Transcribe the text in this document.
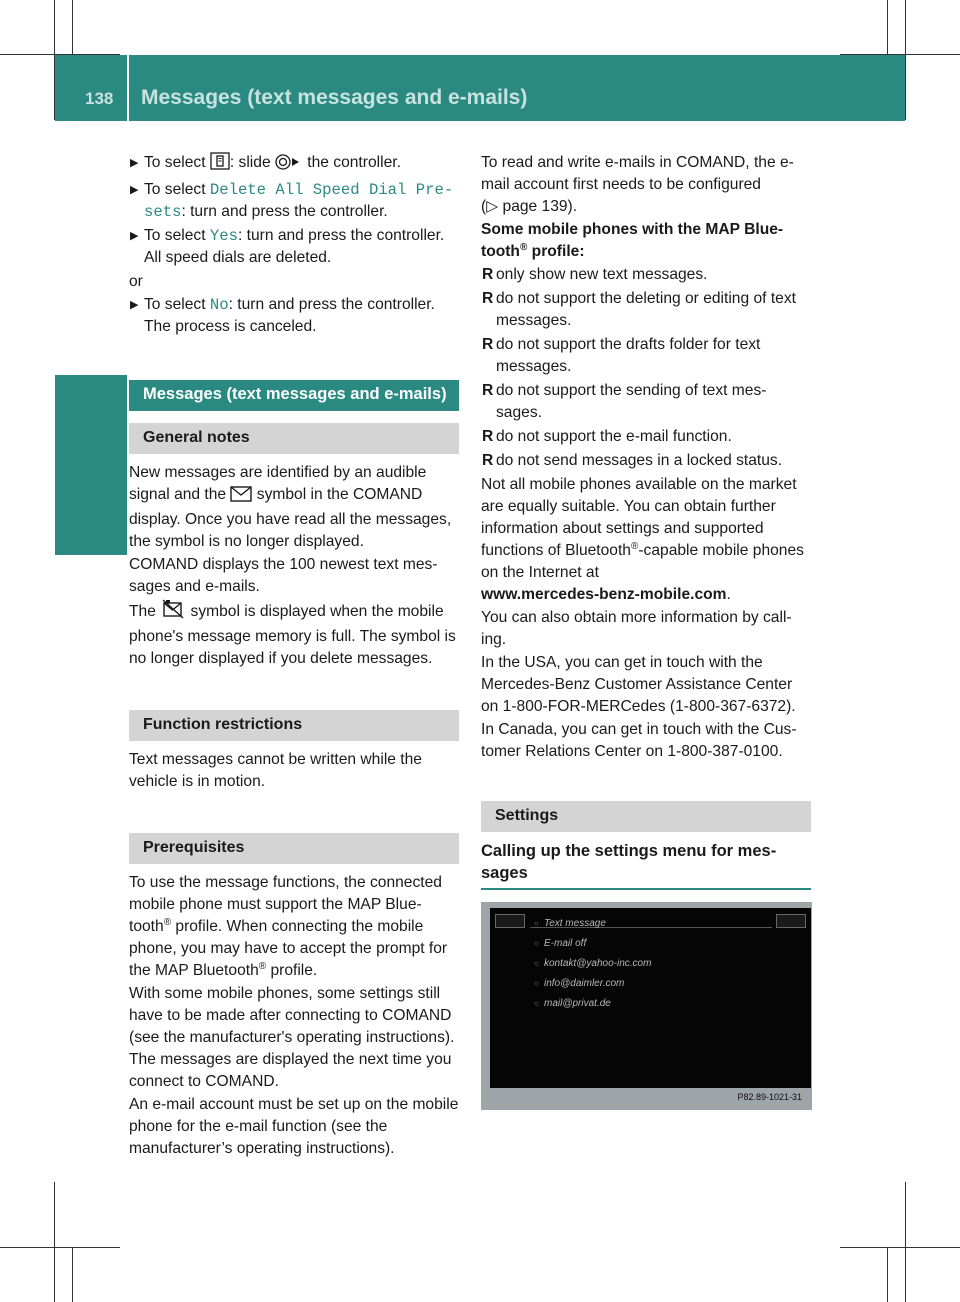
138 Messages (text messages and e-mails)
Telephone
▶ To select : slide  the controller.
▶ To select Delete All Speed Dial Pre‐
sets: turn and press the controller.
▶ To select Yes: turn and press the controller.
All speed dials are deleted.

or

▶ To select No: turn and press the controller.
The process is canceled.
Messages (text messages and e-mails)
General notes

New messages are identified by an audible signal and the  symbol in the COMAND display. Once you have read all the messages, the symbol is no longer displayed.

COMAND displays the 100 newest text mes-sages and e-mails.

The  symbol is displayed when the mobile phone's message memory is full. The symbol is no longer displayed if you delete messages.

Function restrictions

Text messages cannot be written while the vehicle is in motion.

Prerequisites

To use the message functions, the connected mobile phone must support the MAP Blue-tooth® profile. When connecting the mobile phone, you may have to accept the prompt for the MAP Bluetooth® profile.

With some mobile phones, some settings still have to be made after connecting to COMAND (see the manufacturer's operating instructions). The messages are displayed the next time you connect to COMAND.

An e-mail account must be set up on the mobile phone for the e-mail function (see the manufacturer’s operating instructions).

To read and write e-mails in COMAND, the e-mail account first needs to be configured
(▷ page 139).

Some mobile phones with the MAP Blue-tooth® profile:

R only show new text messages.
R do not support the deleting or editing of text messages.
R do not support the drafts folder for text messages.
R do not support the sending of text mes-sages.
R do not support the e-mail function.
R do not send messages in a locked status.

Not all mobile phones available on the market are equally suitable. You can obtain further information about settings and supported functions of Bluetooth®-capable mobile phones on the Internet at
www.mercedes-benz-mobile.com.

You can also obtain more information by call-ing.

In the USA, you can get in touch with the Mercedes-Benz Customer Assistance Center on 1-800-FOR-MERCedes (1-800-367-6372).

In Canada, you can get in touch with the Cus-tomer Relations Center on 1-800-387-0100.

Settings
Calling up the settings menu for mes-sages
○ Text message
○ E-mail off
○ kontakt@yahoo-inc.com
○ info@daimler.com
○ mail@privat.de
P82.89-1021-31
